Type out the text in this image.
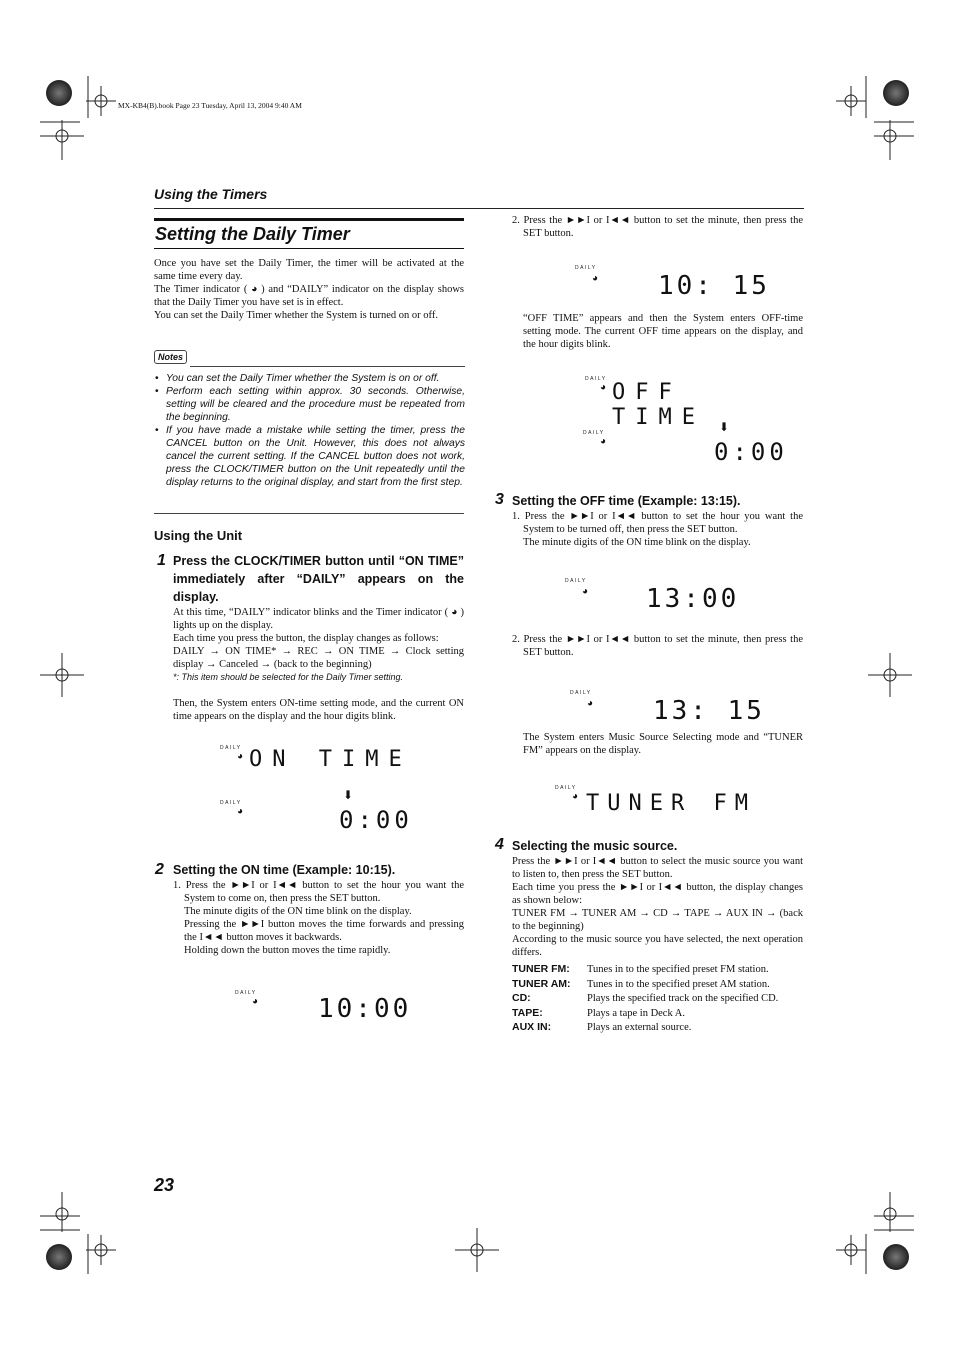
MX-KB4(B).book Page 23 Tuesday, April 13, 2004 9:40 AM
Using the Timers
Setting the Daily Timer
Once you have set the Daily Timer, the timer will be activated at the same time every day.
The Timer indicator ( ◕ ) and “DAILY” indicator on the display shows that the Daily Timer you have set is in effect.
You can set the Daily Timer whether the System is turned on or off.
Notes
• You can set the Daily Timer whether the System is on or off.
• Perform each setting within approx. 30 seconds. Otherwise, setting will be cleared and the procedure must be repeated from the beginning.
• If you have made a mistake while setting the timer, press the CANCEL button on the Unit. However, this does not always cancel the current setting. If the CANCEL button does not work, press the CLOCK/TIMER button on the Unit repeatedly until the display returns to the original display, and start from the first step.
Using the Unit
1 Press the CLOCK/TIMER button until “ON TIME” immediately after “DAILY” appears on the display.
At this time, “DAILY” indicator blinks and the Timer indicator ( ◕ ) lights up on the display.
Each time you press the button, the display changes as follows:
DAILY → ON TIME* → REC → ON TIME → Clock setting display → Canceled → (back to the beginning)
*: This item should be selected for the Daily Timer setting.
Then, the System enters ON-time setting mode, and the current ON time appears on the display and the hour digits blink.
DAILY
◕ ON TIME
DAILY
◕
⬇
0:00
2 Setting the ON time (Example: 10:15).
1. Press the ►►I or I◄◄ button to set the hour you want the System to come on, then press the SET button.
The minute digits of the ON time blink on the display.
Pressing the ►►I button moves the time forwards and pressing the I◄◄ button moves it backwards.
Holding down the button moves the time rapidly.
DAILY
◕ 10:00
2. Press the ►►I or I◄◄ button to set the minute, then press the SET button.
DAILY
◕ 10: 15
“OFF TIME” appears and then the System enters OFF-time setting mode. The current OFF time appears on the display, and the hour digits blink.
DAILY
◕ OFF TIME
DAILY
◕
⬇
0:00
3 Setting the OFF time (Example: 13:15).
1. Press the ►►I or I◄◄ button to set the hour you want the System to be turned off, then press the SET button.
The minute digits of the ON time blink on the display.
DAILY
◕ 13:00
2. Press the ►►I or I◄◄ button to set the minute, then press the SET button.
DAILY
◕ 13: 15
The System enters Music Source Selecting mode and “TUNER FM” appears on the display.
DAILY
◕ TUNER FM
4 Selecting the music source.
Press the ►►I or I◄◄ button to select the music source you want to listen to, then press the SET button.
Each time you press the ►►I or I◄◄ button, the display changes as shown below:
TUNER FM → TUNER AM → CD → TAPE → AUX IN → (back to the beginning)
According to the music source you have selected, the next operation differs.
TUNER FM:	Tunes in to the specified preset FM station.
TUNER AM:	Tunes in to the specified preset AM station.
CD:	Plays the specified track on the specified CD.
TAPE:	Plays a tape in Deck A.
AUX IN:	Plays an external source.
23
